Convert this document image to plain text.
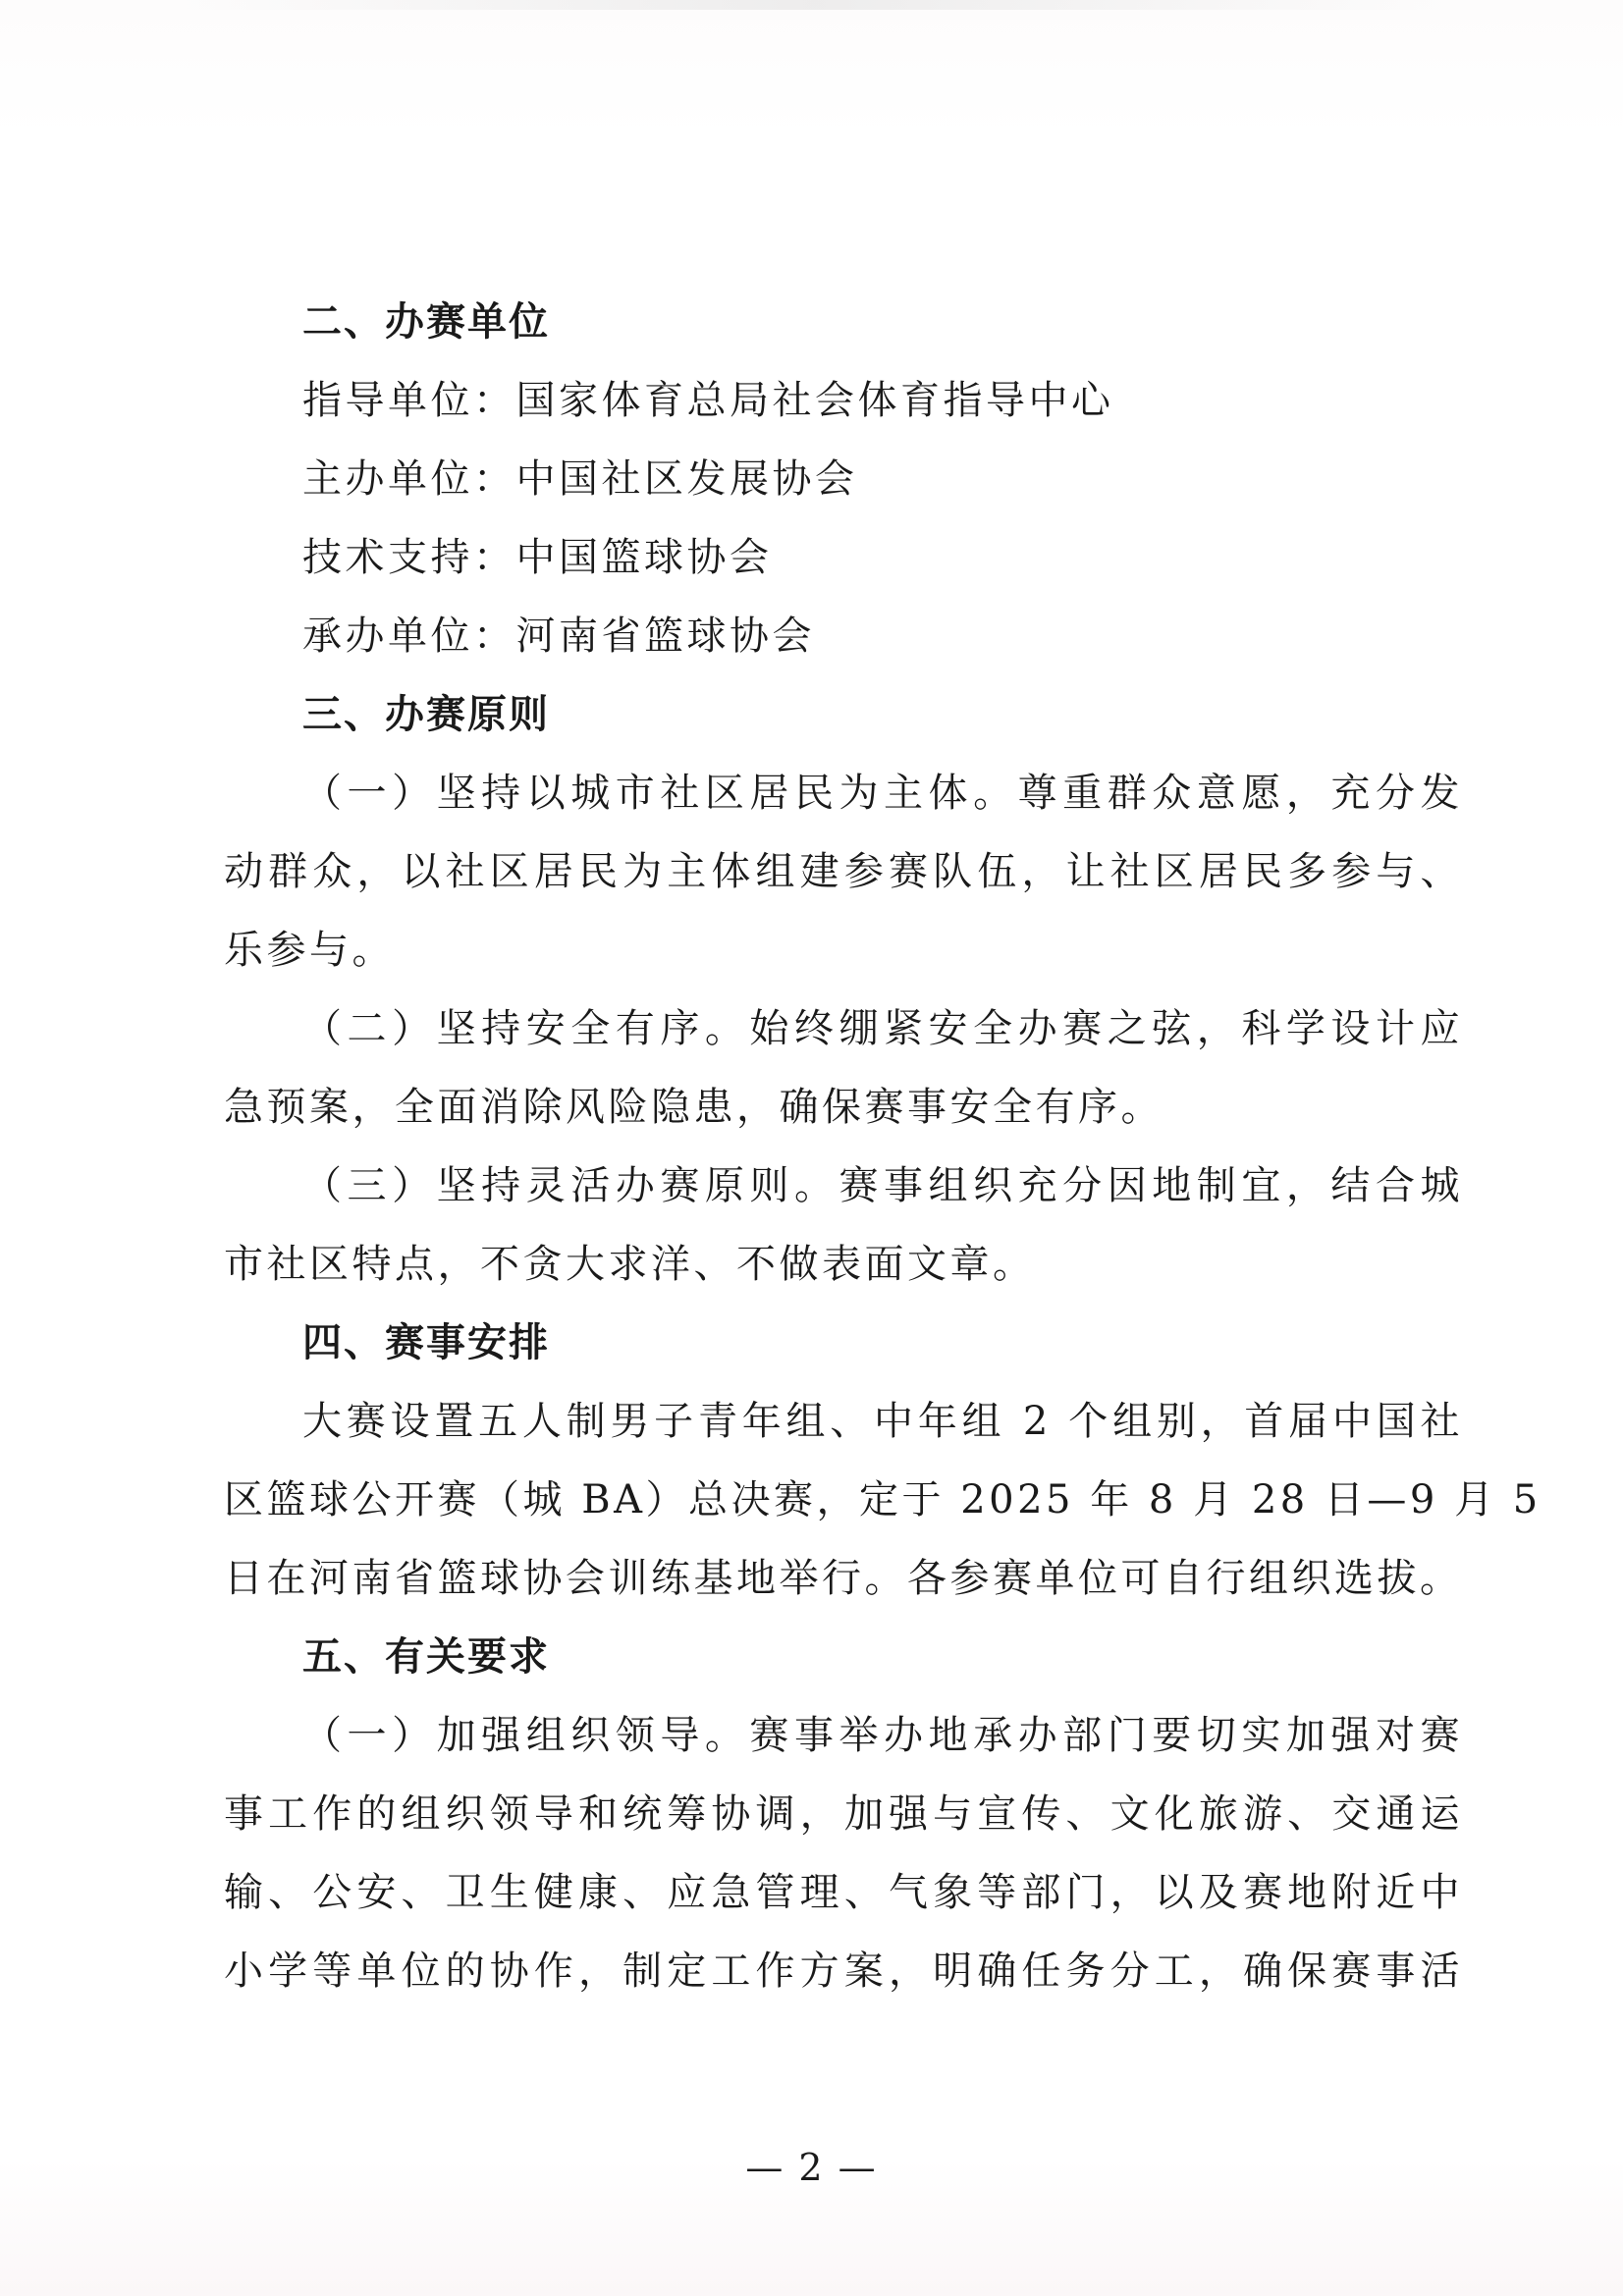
二、办赛单位
指导单位：国家体育总局社会体育指导中心
主办单位：中国社区发展协会
技术支持：中国篮球协会
承办单位：河南省篮球协会
三、办赛原则
（一）坚持以城市社区居民为主体。尊重群众意愿，充分发
动群众，以社区居民为主体组建参赛队伍，让社区居民多参与、
乐参与。
（二）坚持安全有序。始终绷紧安全办赛之弦，科学设计应
急预案，全面消除风险隐患，确保赛事安全有序。
（三）坚持灵活办赛原则。赛事组织充分因地制宜，结合城
市社区特点，不贪大求洋、不做表面文章。
四、赛事安排
大赛设置五人制男子青年组、中年组 2 个组别，首届中国社
区篮球公开赛（城 BA）总决赛，定于 2025 年 8 月 28 日—9 月 5
日在河南省篮球协会训练基地举行。各参赛单位可自行组织选拔。
五、有关要求
（一）加强组织领导。赛事举办地承办部门要切实加强对赛
事工作的组织领导和统筹协调，加强与宣传、文化旅游、交通运
输、公安、卫生健康、应急管理、气象等部门，以及赛地附近中
小学等单位的协作，制定工作方案，明确任务分工，确保赛事活
— 2 —
